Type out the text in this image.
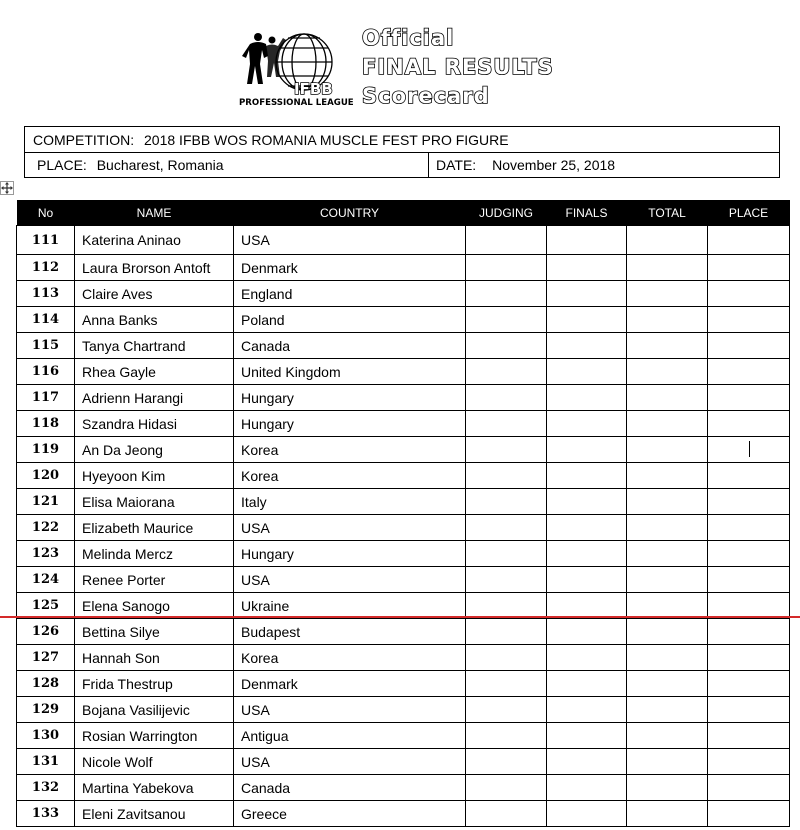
IFBB
PROFESSIONAL LEAGUE
Official
FINAL RESULTS
Scorecard
COMPETITION: 2018 IFBB WOS ROMANIA MUSCLE FEST PRO FIGURE
PLACE: Bucharest, Romania	DATE: November 25, 2018
No	NAME	COUNTRY	JUDGING	FINALS	TOTAL	PLACE
111	Katerina Aninao	USA				
112	Laura Brorson Antoft	Denmark				
113	Claire Aves	England				
114	Anna Banks	Poland				
115	Tanya Chartrand	Canada				
116	Rhea Gayle	United Kingdom				
117	Adrienn Harangi	Hungary				
118	Szandra Hidasi	Hungary				
119	An Da Jeong	Korea				
120	Hyeyoon Kim	Korea				
121	Elisa Maiorana	Italy				
122	Elizabeth Maurice	USA				
123	Melinda Mercz	Hungary				
124	Renee Porter	USA				
125	Elena Sanogo	Ukraine				
126	Bettina Silye	Budapest				
127	Hannah Son	Korea				
128	Frida Thestrup	Denmark				
129	Bojana Vasilijevic	USA				
130	Rosian Warrington	Antigua				
131	Nicole Wolf	USA				
132	Martina Yabekova	Canada				
133	Eleni Zavitsanou	Greece				
